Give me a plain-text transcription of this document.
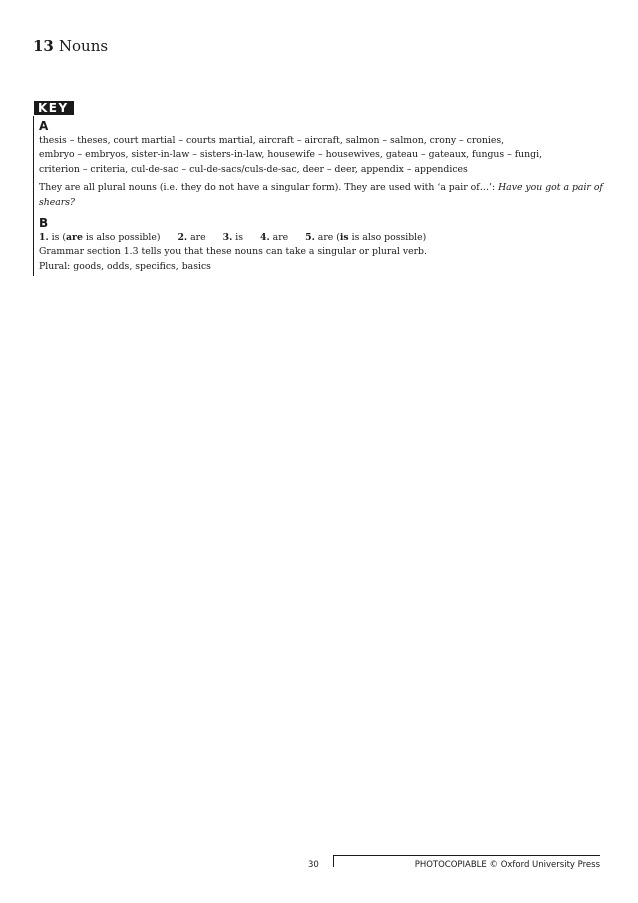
13 Nouns
KEY

A

thesis – theses, court martial – courts martial, aircraft – aircraft, salmon – salmon, crony – cronies,

embryo – embryos, sister-in-law – sisters-in-law, housewife – housewives, gateau – gateaux, fungus – fungi,

criterion – criteria, cul-de-sac – cul-de-sacs/culs-de-sac, deer – deer, appendix – appendices

They are all plural nouns (i.e. they do not have a singular form). They are used with ‘a pair of…’: Have you got a pair of shears?

B

1. is (are is also possible) 2. are 3. is 4. are 5. are (is is also possible)

Grammar section 1.3 tells you that these nouns can take a singular or plural verb.

Plural: goods, odds, specifics, basics

30	PHOTOCOPIABLE © Oxford University Press
